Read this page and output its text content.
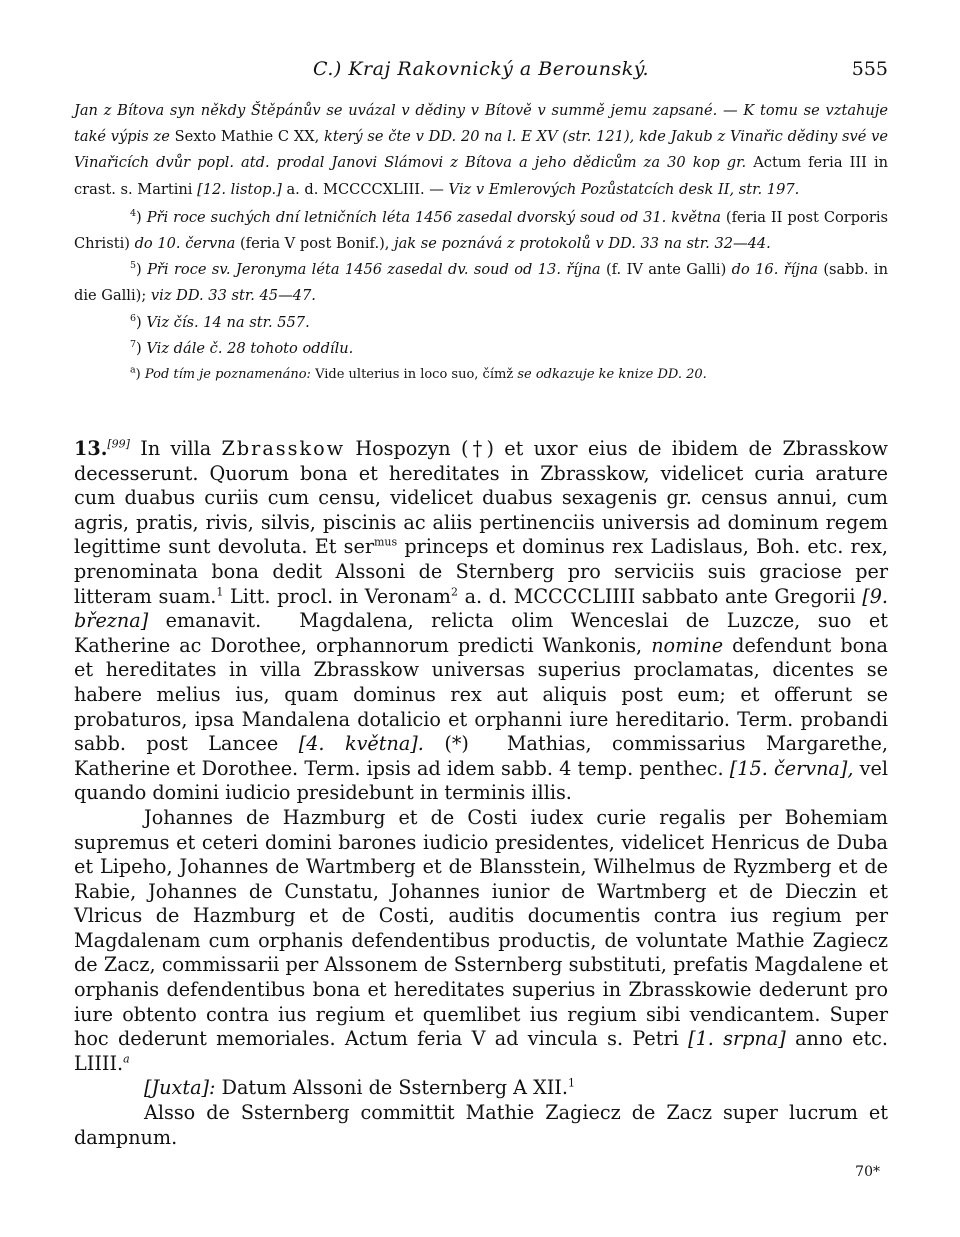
C.) Kraj Rakovnický a Berounský.	555

Jan z Bítova syn někdy Štěpánův se uvázal v dědiny v Bítově v summě jemu zapsané. — K tomu se vztahuje také výpis ze Sexto Mathie C XX, který se čte v DD. 20 na l. E XV (str. 121), kde Jakub z Vinařic dědiny své ve Vinařicích dvůr popl. atd. prodal Janovi Slámovi z Bítova a jeho dědicům za 30 kop gr. Actum feria III in crast. s. Martini [12. listop.] a. d. MCCCCXLIII. — Viz v Emlerových Pozůstatcích desk II, str. 197.

$^4$) Při roce suchých dní letničních léta 1456 zasedal dvorský soud od 31. května (feria II post Corporis Christi) do 10. června (feria V post Bonif.), jak se poznává z protokolů v DD. 33 na str. 32—44.

$^5$) Při roce sv. Jeronyma léta 1456 zasedal dv. soud od 13. října (f. IV ante Galli) do 16. října (sabb. in die Galli); viz DD. 33 str. 45—47.

$^6$) Viz čís. 14 na str. 557.

$^7$) Viz dále č. 28 tohoto oddílu.

$^a$) Pod tím je poznamenáno: Vide ulterius in loco suo, čímž se odkazuje ke knize DD. 20.

13.[99] In villa Zbrasskow Hospozyn (†) et uxor eius de ibidem de Zbrasskow decesserunt. Quorum bona et hereditates in Zbrasskow, videlicet curia arature cum duabus curiis cum censu, videlicet duabus sexagenis gr. census annui, cum agris, pratis, rivis, silvis, piscinis ac aliis pertinenciis universis ad dominum regem legittime sunt devoluta. Et ser$^{mus}$ princeps et dominus rex Ladislaus, Boh. etc. rex, prenominata bona dedit Alssoni de Sternberg pro serviciis suis graciose per litteram suam.$^1$ Litt. procl. in Veronam$^2$ a. d. MCCCCLIIII sabbato ante Gregorii [9. března] emanavit. Magdalena, relicta olim Wenceslai de Luzcze, suo et Katherine ac Dorothee, orphannorum predicti Wankonis, nomine defendunt bona et hereditates in villa Zbrasskow universas superius proclamatas, dicentes se habere melius ius, quam dominus rex aut aliquis post eum; et offerunt se probaturos, ipsa Mandalena dotalicio et orphanni iure hereditario. Term. probandi sabb. post Lancee [4. května]. (*) Mathias, commissarius Margarethe, Katherine et Dorothee. Term. ipsis ad idem sabb. 4 temp. penthec. [15. června], vel quando domini iudicio presidebunt in terminis illis.

Johannes de Hazmburg et de Costi iudex curie regalis per Bohemiam supremus et ceteri domini barones iudicio presidentes, videlicet Henricus de Duba et Lipeho, Johannes de Wartmberg et de Blansstein, Wilhelmus de Ryzmberg et de Rabie, Johannes de Cunstatu, Johannes iunior de Wartmberg et de Dieczin et Vlricus de Hazmburg et de Costi, auditis documentis contra ius regium per Magdalenam cum orphanis defendentibus productis, de voluntate Mathie Zagiecz de Zacz, commissarii per Alssonem de Ssternberg substituti, prefatis Magdalene et orphanis defendentibus bona et hereditates superius in Zbrasskowie dederunt pro iure obtento contra ius regium et quemlibet ius regium sibi vendicantem. Super hoc dederunt memoriales. Actum feria V ad vincula s. Petri [1. srpna] anno etc. LIIII.$^a$

[Juxta]: Datum Alssoni de Ssternberg A XII.$^1$

Alsso de Ssternberg committit Mathie Zagiecz de Zacz super lucrum et dampnum.

70*
